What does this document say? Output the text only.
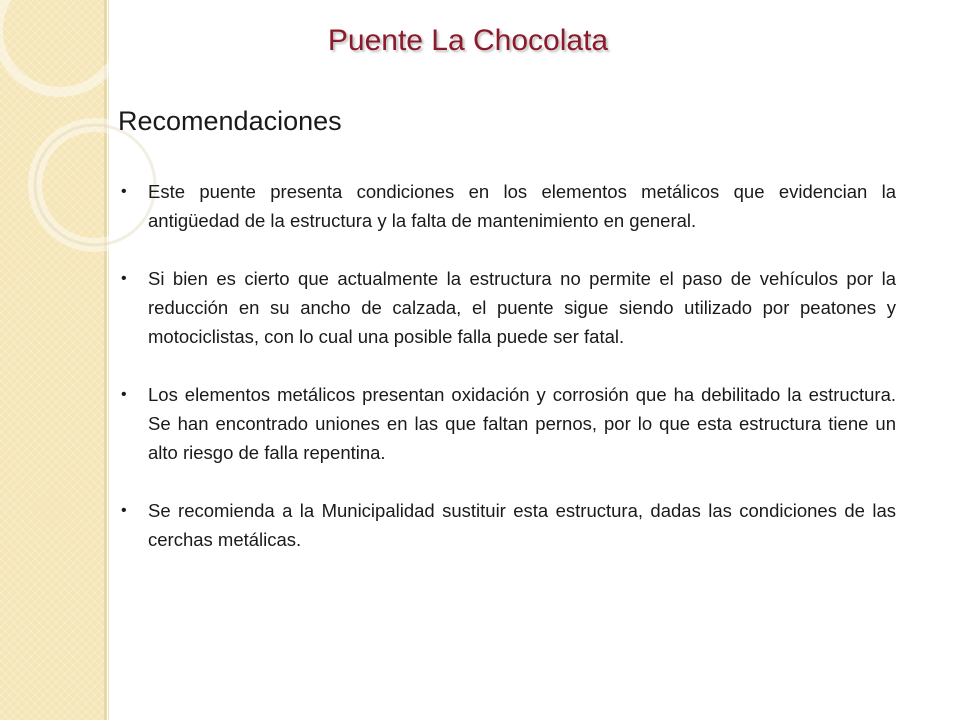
Puente La Chocolata
Recomendaciones
• Este puente presenta condiciones en los elementos metálicos que evidencian la antigüedad de la estructura y la falta de mantenimiento en general.
• Si bien es cierto que actualmente la estructura no permite el paso de vehículos por la reducción en su ancho de calzada, el puente sigue siendo utilizado por peatones y motociclistas, con lo cual una posible falla puede ser fatal.
• Los elementos metálicos presentan oxidación y corrosión que ha debilitado la estructura.  Se han encontrado uniones en las que faltan pernos, por lo que esta estructura tiene un alto riesgo de falla repentina.
• Se recomienda a la Municipalidad sustituir esta estructura, dadas las condiciones de las cerchas metálicas.
